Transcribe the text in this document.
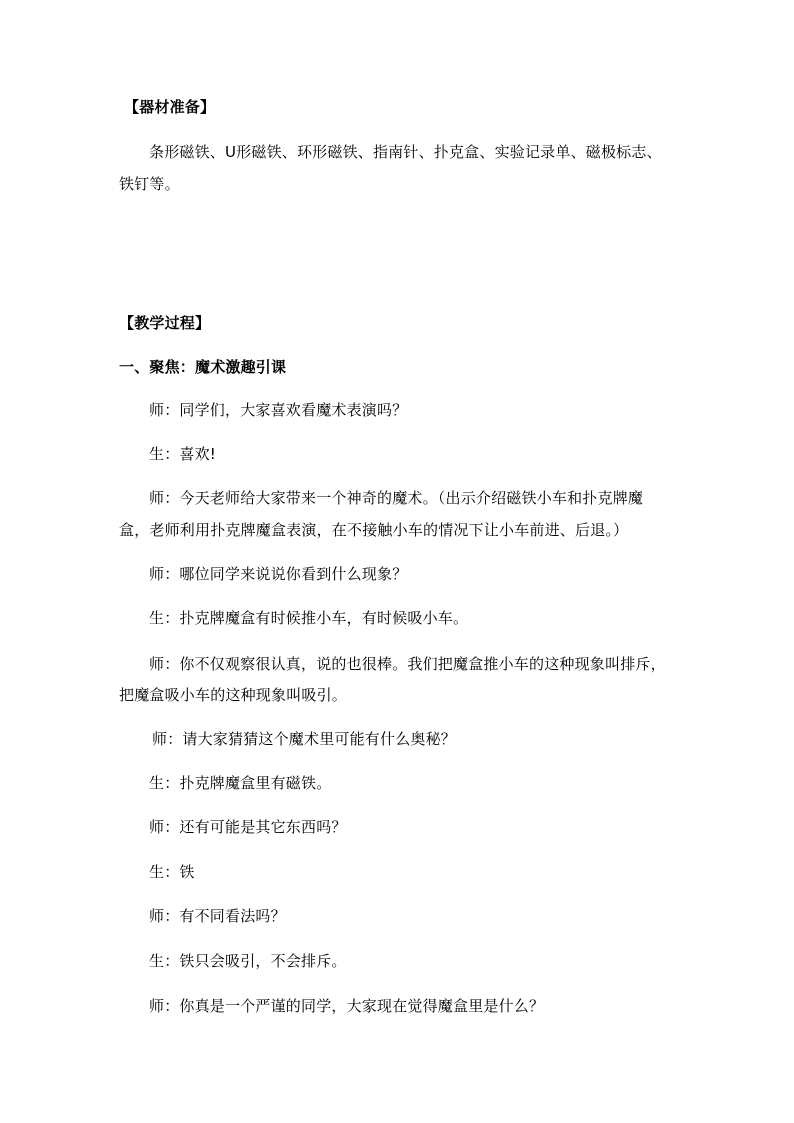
【器材准备】
条形磁铁、U形磁铁、环形磁铁、指南针、扑克盒、实验记录单、磁极标志、
铁钉等。
【教学过程】
一、聚焦：魔术激趣引课
师：同学们，大家喜欢看魔术表演吗？
生：喜欢!
师：今天老师给大家带来一个神奇的魔术。（出示介绍磁铁小车和扑克牌魔
盒，老师利用扑克牌魔盒表演，在不接触小车的情况下让小车前进、后退。）
师：哪位同学来说说你看到什么现象？
生：扑克牌魔盒有时候推小车，有时候吸小车。
师：你不仅观察很认真，说的也很棒。我们把魔盒推小车的这种现象叫排斥，
把魔盒吸小车的这种现象叫吸引。
师：请大家猜猜这个魔术里可能有什么奥秘？
生：扑克牌魔盒里有磁铁。
师：还有可能是其它东西吗？
生：铁
师：有不同看法吗？
生：铁只会吸引，不会排斥。
师：你真是一个严谨的同学，大家现在觉得魔盒里是什么？
